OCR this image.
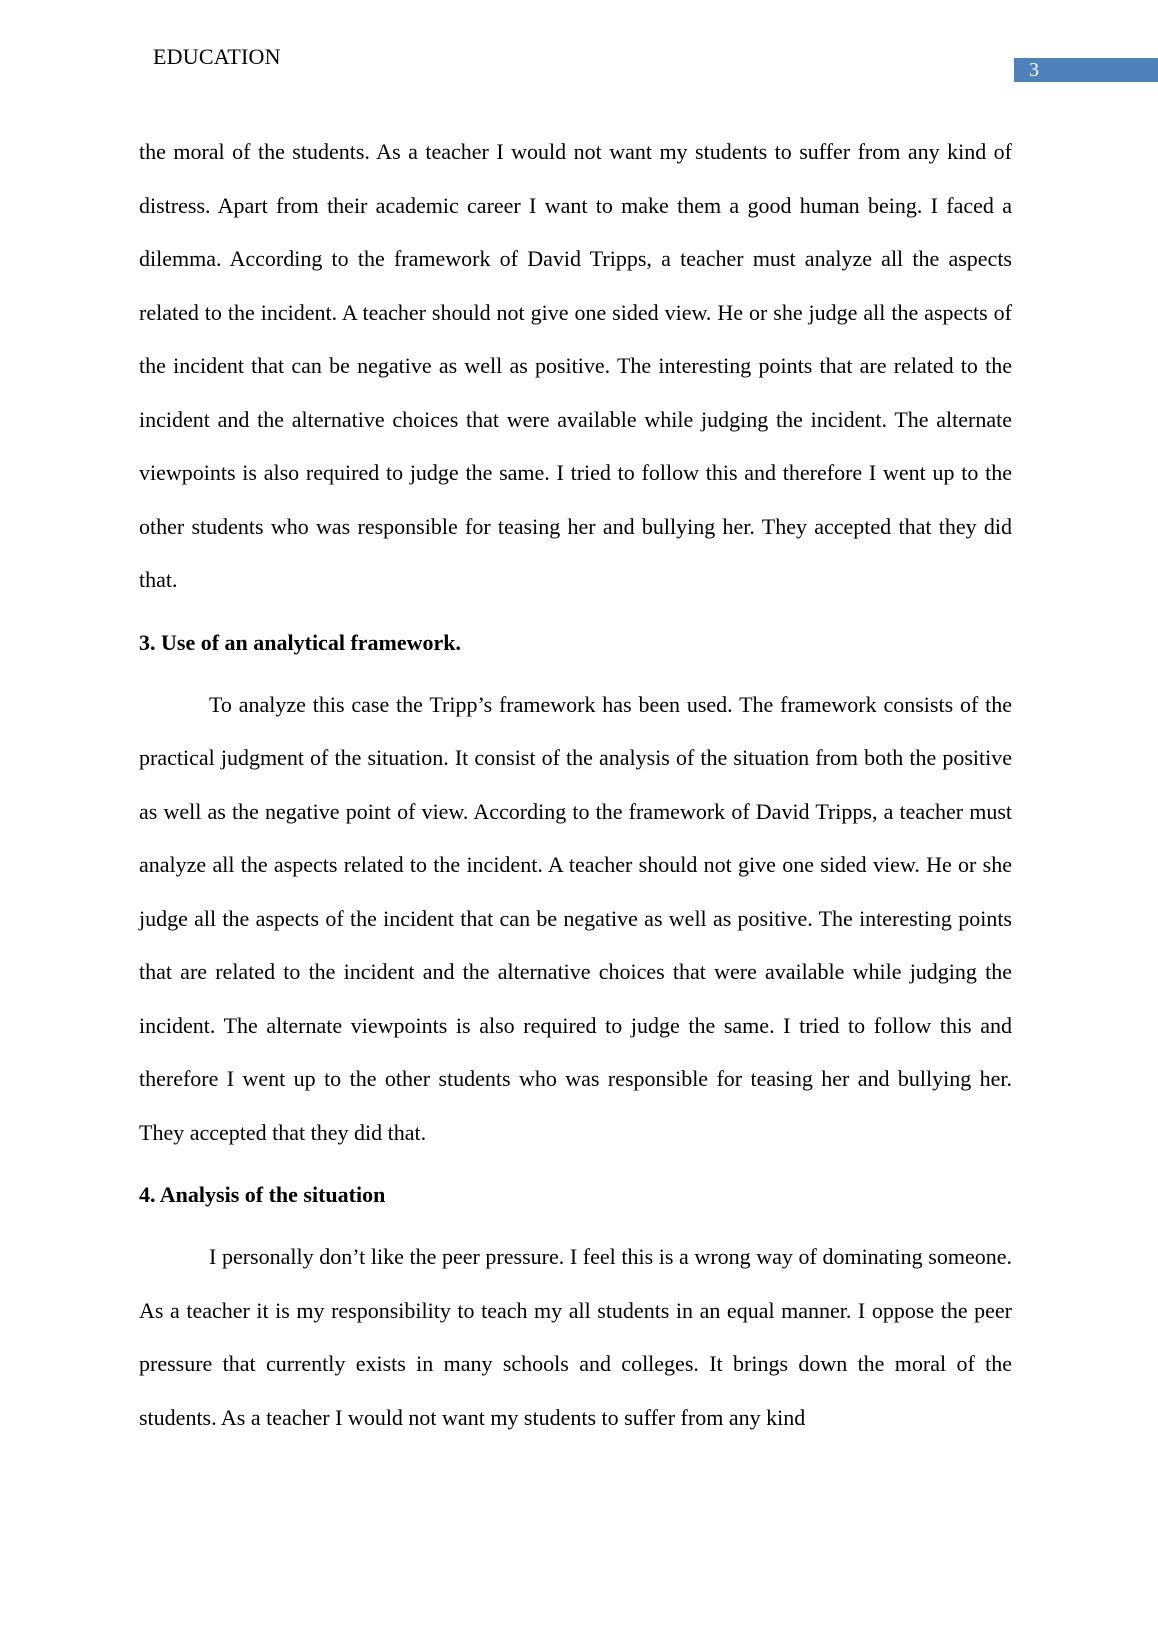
EDUCATION
3

the moral of the students. As a teacher I would not want my students to suffer from any kind of distress. Apart from their academic career I want to make them a good human being. I faced a dilemma. According to the framework of David Tripps, a teacher must analyze all the aspects related to the incident. A teacher should not give one sided view. He or she judge all the aspects of the incident that can be negative as well as positive. The interesting points that are related to the incident and the alternative choices that were available while judging the incident. The alternate viewpoints is also required to judge the same. I tried to follow this and therefore I went up to the other students who was responsible for teasing her and bullying her. They accepted that they did that.

3. Use of an analytical framework.

To analyze this case the Tripp’s framework has been used. The framework consists of the practical judgment of the situation. It consist of the analysis of the situation from both the positive as well as the negative point of view. According to the framework of David Tripps, a teacher must analyze all the aspects related to the incident. A teacher should not give one sided view. He or she judge all the aspects of the incident that can be negative as well as positive. The interesting points that are related to the incident and the alternative choices that were available while judging the incident. The alternate viewpoints is also required to judge the same. I tried to follow this and therefore I went up to the other students who was responsible for teasing her and bullying her. They accepted that they did that.

4. Analysis of the situation

I personally don’t like the peer pressure. I feel this is a wrong way of dominating someone. As a teacher it is my responsibility to teach my all students in an equal manner. I oppose the peer pressure that currently exists in many schools and colleges. It brings down the moral of the students. As a teacher I would not want my students to suffer from any kind
